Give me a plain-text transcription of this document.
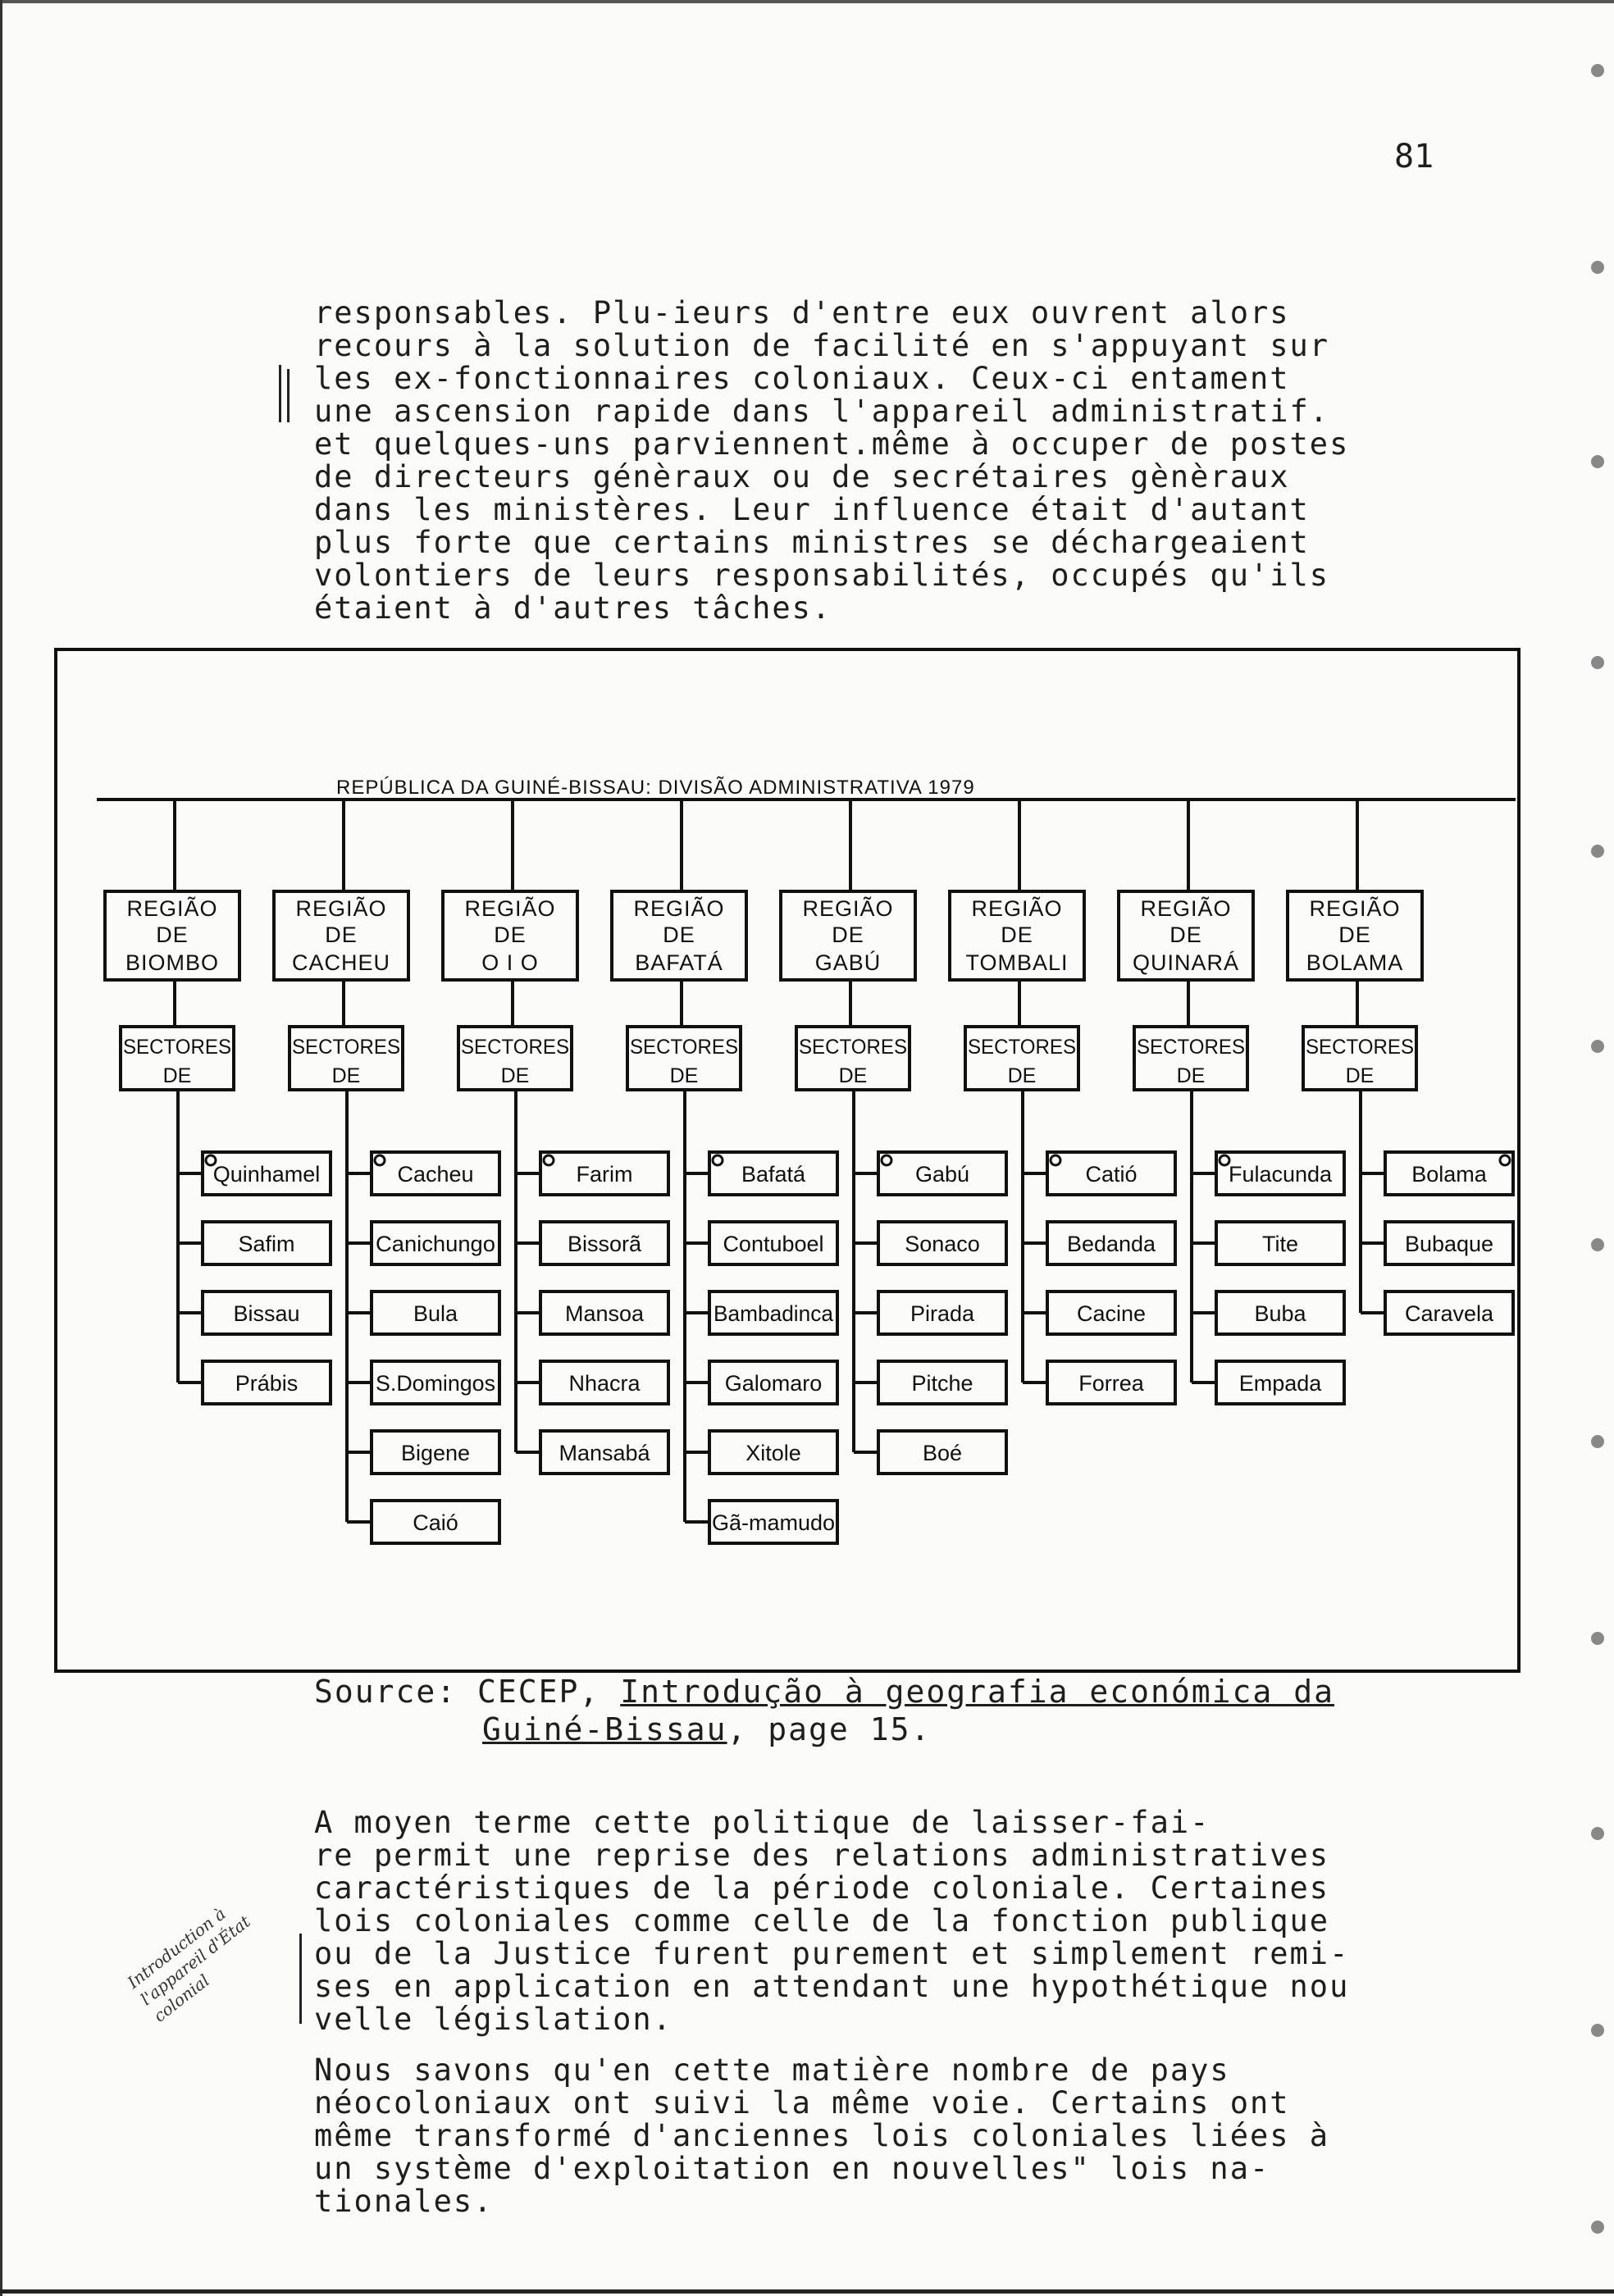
81

responsables. Plu-ieurs d'entre eux ouvrent alors
recours à la solution de facilité en s'appuyant sur
les ex-fonctionnaires coloniaux. Ceux-ci entament
une ascension rapide dans l'appareil administratif.
et quelques-uns parviennent.même à occuper de postes
de directeurs génèraux ou de secrétaires gènèraux
dans les ministères. Leur influence était d'autant
plus forte que certains ministres se déchargeaient
volontiers de leurs responsabilités, occupés qu'ils
étaient à d'autres tâches.

REPÚBLICA DA GUINÉ-BISSAU: DIVISÃO ADMINISTRATIVA 1979
REGIÃO
DE
BIOMBO
SECTORES
DE
Quinhamel
Safim
Bissau
Prábis
REGIÃO
DE
CACHEU
SECTORES
DE
Cacheu
Canichungo
Bula
S.Domingos
Bigene
Caió
REGIÃO
DE
O I O
SECTORES
DE
Farim
Bissorã
Mansoa
Nhacra
Mansabá
REGIÃO
DE
BAFATÁ
SECTORES
DE
Bafatá
Contuboel
Bambadinca
Galomaro
Xitole
Gã-mamudo
REGIÃO
DE
GABÚ
SECTORES
DE
Gabú
Sonaco
Pirada
Pitche
Boé
REGIÃO
DE
TOMBALI
SECTORES
DE
Catió
Bedanda
Cacine
Forrea
REGIÃO
DE
QUINARÁ
SECTORES
DE
Fulacunda
Tite
Buba
Empada
REGIÃO
DE
BOLAMA
SECTORES
DE
Bolama
Bubaque
Caravela
Source: CECEP, Introdução à geografia económica da
Guiné-Bissau, page 15.

A moyen terme cette politique de laisser-fai-
re permit une reprise des relations administratives
caractéristiques de la période coloniale. Certaines
lois coloniales comme celle de la fonction publique
ou de la Justice furent purement et simplement remi-
ses en application en attendant une hypothétique nou
velle législation.

Introduction à l'appareil d'État colonial

Nous savons qu'en cette matière nombre de pays
néocoloniaux ont suivi la même voie. Certains ont
même transformé d'anciennes lois coloniales liées à
un système d'exploitation en nouvelles" lois na-
tionales.
